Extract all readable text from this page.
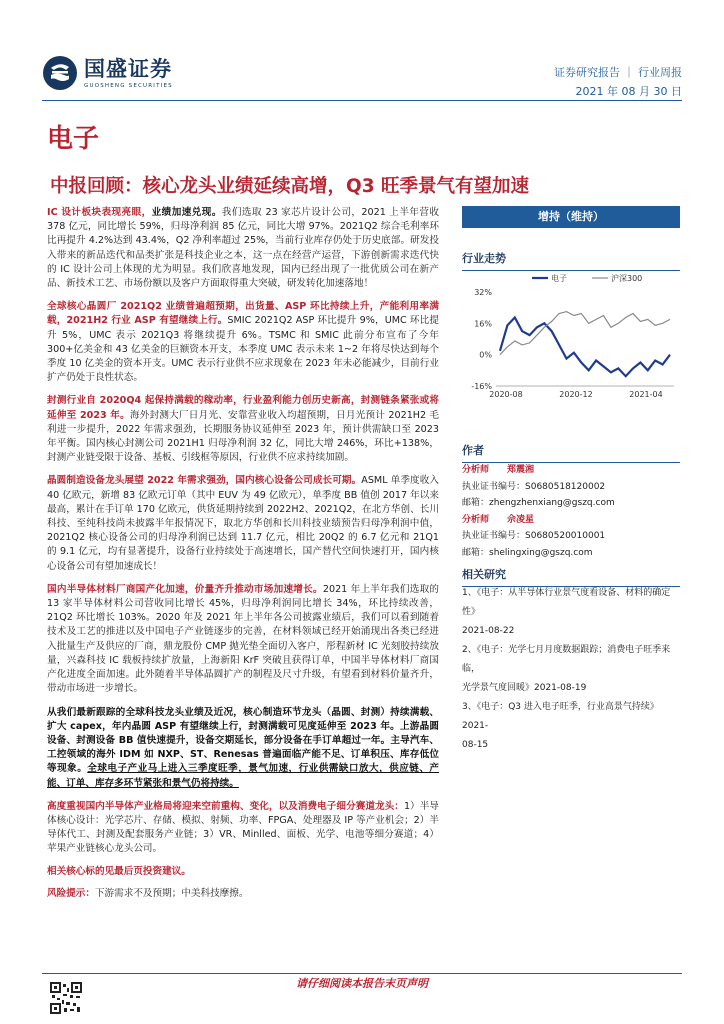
国盛证券
GUOSHENG SECURITIES
证券研究报告 ｜ 行业周报
2021 年 08 月 30 日
电子
中报回顾：核心龙头业绩延续高增，Q3 旺季景气有望加速

IC 设计板块表现亮眼，业绩加速兑现。我们选取 23 家芯片设计公司，2021 上半年营收 378 亿元，同比增长 59%，归母净利润 85 亿元，同比大增 97%。2021Q2 综合毛利率环比再提升 4.2%达到 43.4%，Q2 净利率超过 25%，当前行业库存仍处于历史底部。研发投入带来的新品迭代和品类扩张是科技企业之本，这一点在经营产运营，下游创新需求迭代快的 IC 设计公司上体现的尤为明显。我们欣喜地发现，国内已经出现了一批优质公司在新产品、新技术工艺、市场份额以及客户方面取得重大突破，研发转化加速落地！

全球核心晶圆厂 2021Q2 业绩普遍超预期，出货量、ASP 环比持续上升，产能利用率满载，2021H2 行业 ASP 有望继续上行。SMIC 2021Q2 ASP 环比提升 9%，UMC 环比提升 5%，UMC 表示 2021Q3 将继续提升 6%。TSMC 和 SMIC 此前分布宣布了今年 300+亿美金和 43 亿美金的巨额资本开支，本季度 UMC 表示未来 1~2 年将尽快达到每个季度 10 亿美金的资本开支。UMC 表示行业供不应求现象在 2023 年未必能减少，目前行业扩产仍处于良性状态。

封测行业自 2020Q4 起保持满载的稼动率，行业盈利能力创历史新高，封测链条紧张或将延伸至 2023 年。海外封测大厂日月光、安靠营业收入均超预期，日月光预计 2021H2 毛利进一步提升，2022 年需求强劲，长期服务协议延伸至 2023 年，预计供需缺口至 2023 年平衡。国内核心封测公司 2021H1 归母净利润 32 亿，同比大增 246%，环比+138%，封测产业链受限于设备、基板、引线框等原因，行业供不应求持续加剧。

晶圆制造设备龙头展望 2022 年需求强劲，国内核心设备公司成长可期。ASML 单季度收入 40 亿欧元，新增 83 亿欧元订单（其中 EUV 为 49 亿欧元），单季度 BB 值创 2017 年以来最高，累计在手订单 170 亿欧元，供货延期持续到 2022H2、2021Q2，在北方华创、长川科技、至纯科技尚未披露半年报情况下，取北方华创和长川科技业绩预告归母净利润中值，2021Q2 核心设备公司的归母净利润已达到 11.7 亿元，相比 20Q2 的 6.7 亿元和 21Q1 的 9.1 亿元，均有显著提升，设备行业持续处于高速增长，国产替代空间快速打开，国内核心设备公司有望加速成长！

国内半导体材料厂商国产化加速，价量齐升推动市场加速增长。2021 年上半年我们选取的 13 家半导体材料公司营收同比增长 45%，归母净利润同比增长 34%，环比持续改善，21Q2 环比增长 103%。2020 年及 2021 年上半年各公司披露业绩后，我们可以看到随着技术及工艺的推进以及中国电子产业链逐步的完善，在材料领域已经开始涌现出各类已经进入批量生产及供应的厂商，鼎龙股份 CMP 抛光垫全面切入客户，彤程新材 IC 光刻胶持续放量，兴森科技 IC 载板持续扩放量，上海新阳 KrF 突破且获得订单，中国半导体材料厂商国产化进度全面加速。此外随着半导体晶圆扩产的制程及尺寸升级，有望看到材料价量齐升，带动市场进一步增长。

从我们最新跟踪的全球科技龙头业绩及近况，核心制造环节龙头（晶圆、封测）持续满载、扩大 capex，年内晶圆 ASP 有望继续上行，封测满载可见度延伸至 2023 年。上游晶圆设备、封测设备 BB 值快速提升，设备交期延长，部分设备在手订单超过一年。主导汽车、工控领域的海外 IDM 如 NXP、ST、Renesas 普遍面临产能不足、订单积压、库存低位等现象。全球电子产业马上进入三季度旺季，景气加速，行业供需缺口放大，供应链、产能、订单、库存多环节紧张和景气仍将持续。

高度重视国内半导体产业格局将迎来空前重构、变化，以及消费电子细分赛道龙头：1）半导体核心设计：光学芯片、存储、模拟、射频、功率、FPGA、处理器及 IP 等产业机会；2）半导体代工、封测及配套服务产业链；3）VR、Minlled、面板、光学、电池等细分赛道；4）苹果产业链核心龙头公司。

相关核心标的见最后页投资建议。

风险提示：下游需求不及预期；中美科技摩擦。

增持（维持）
行业走势
32%
16%
0%
-16%
2020-08	2020-12	2021-04
电子	沪深300
作者
分析师 郑震湘
执业证书编号：S0680518120002
邮箱：zhengzhenxiang@gszq.com
分析师 佘凌星
执业证书编号：S0680520010001
邮箱：shelingxing@gszq.com
相关研究
1、《电子：从半导体行业景气度看设备、材料的确定性》
2021-08-22
2、《电子：光学七月月度数据跟踪；消费电子旺季来临，
光学景气度回暖》2021-08-19
3、《电子：Q3 进入电子旺季，行业高景气持续》2021-
08-15
请仔细阅读本报告末页声明
